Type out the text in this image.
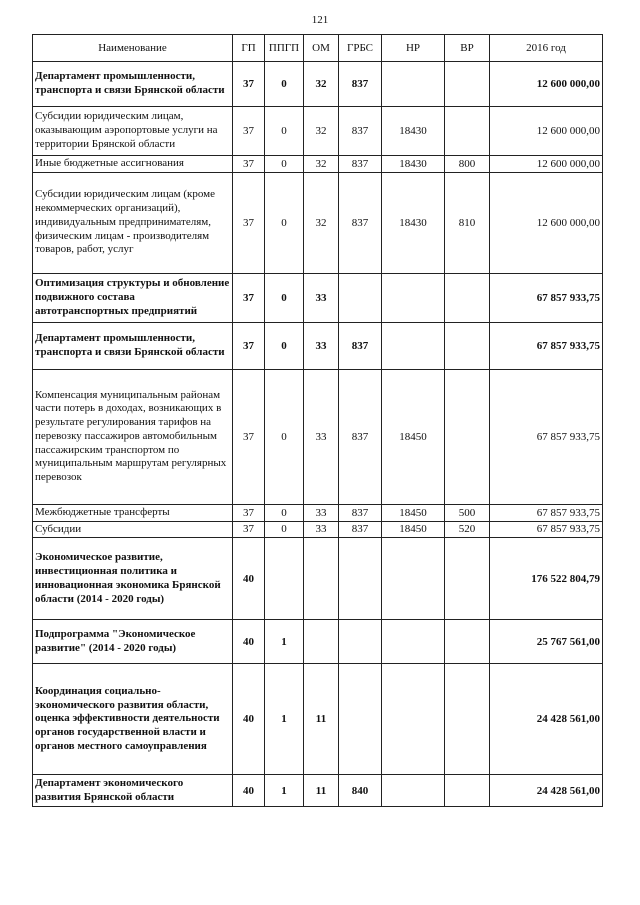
121
Наименование	ГП	ППГП	ОМ	ГРБС	НР	ВР	2016 год
Департамент промышленности, транспорта и связи Брянской области	37	0	32	837			12 600 000,00
Субсидии юридическим лицам, оказывающим аэропортовые услуги на территории Брянской области	37	0	32	837	18430		12 600 000,00
Иные бюджетные ассигнования	37	0	32	837	18430	800	12 600 000,00
Субсидии юридическим лицам (кроме некоммерческих организаций), индивидуальным предпринимателям, физическим лицам - производителям товаров, работ, услуг	37	0	32	837	18430	810	12 600 000,00
Оптимизация структуры и обновление подвижного состава автотранспортных предприятий	37	0	33				67 857 933,75
Департамент промышленности, транспорта и связи Брянской области	37	0	33	837			67 857 933,75
Компенсация муниципальным районам части потерь в доходах, возникающих в результате регулирования тарифов на перевозку пассажиров автомобильным пассажирским транспортом по муниципальным маршрутам регулярных перевозок	37	0	33	837	18450		67 857 933,75
Межбюджетные трансферты	37	0	33	837	18450	500	67 857 933,75
Субсидии	37	0	33	837	18450	520	67 857 933,75
Экономическое развитие, инвестиционная политика и инновационная экономика Брянской области (2014 - 2020 годы)	40						176 522 804,79
Подпрограмма "Экономическое развитие" (2014 - 2020 годы)	40	1					25 767 561,00
Координация социально-экономического развития области, оценка эффективности деятельности органов государственной власти и органов местного самоуправления	40	1	11				24 428 561,00
Департамент экономического развития Брянской области	40	1	11	840			24 428 561,00
